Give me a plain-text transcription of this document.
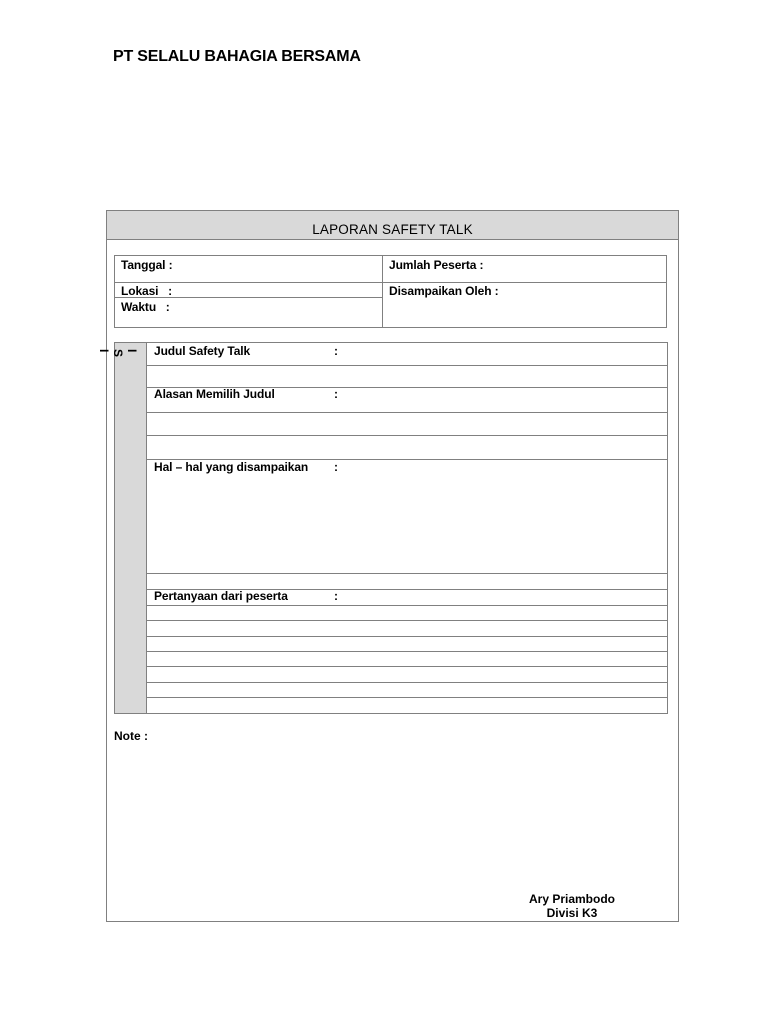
PT SELALU BAHAGIA BERSAMA
LAPORAN SAFETY TALK
Tanggal :	Jumlah Peserta :
Lokasi   :
Waktu   :
Disampaikan Oleh :
I S I	Judul Safety Talk	:
Alasan Memilih Judul	:
Hal – hal yang disampaikan :
Pertanyaan dari peserta	:
Note :
Ary Priambodo
Divisi K3
